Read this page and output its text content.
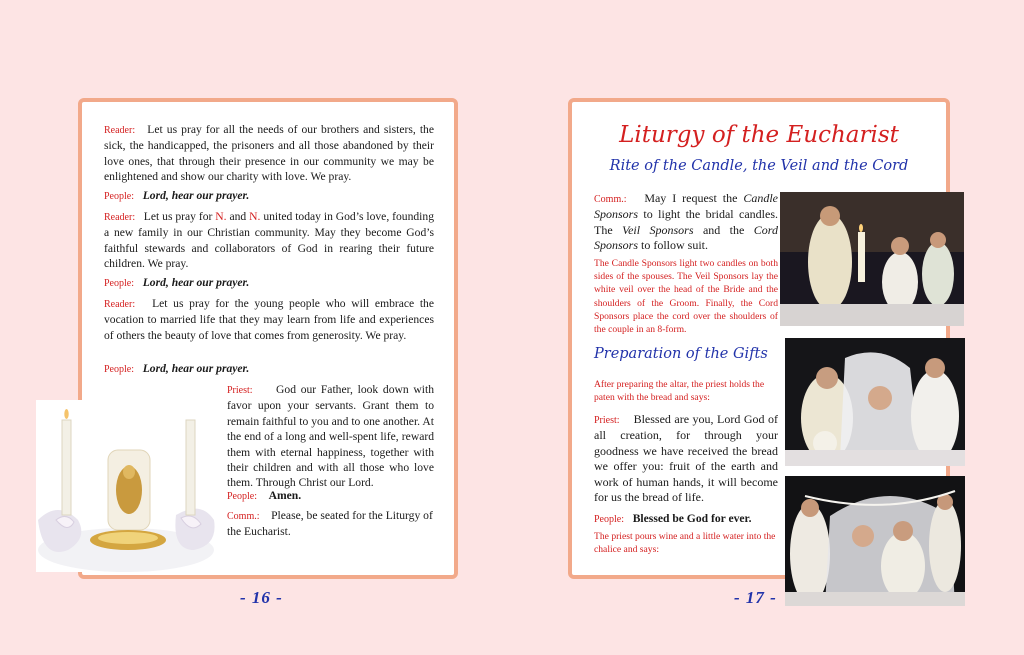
Reader: Let us pray for all the needs of our brothers and sisters, the sick, the handicapped, the prisoners and all those abandoned by their love ones, that through their presence in our community we may be enlightened and show our charity with love. We pray.

People: Lord, hear our prayer.

Reader: Let us pray for N. and N. united today in God’s love, founding a new family in our Christian community. May they become God’s faithful stewards and collaborators of God in rearing their future children. We pray.

People: Lord, hear our prayer.

Reader: Let us pray for the young people who will embrace the vocation to married life that they may learn from life and experiences of others the beauty of love that comes from generosity. We pray.

People: Lord, hear our prayer.

Priest: God our Father, look down with favor upon your servants. Grant them to remain faithful to you and to one another. At the end of a long and well-spent life, reward them with eternal happiness, together with their children and with all those who love them. Through Christ our Lord.

People: Amen.

Comm.: Please, be seated for the Liturgy of the Eucharist.

- 16 -
Liturgy of the Eucharist
Rite of the Candle, the Veil and the Cord

Comm.: May I request the Candle Sponsors to light the bridal candles. The Veil Sponsors and the Cord Sponsors to follow suit.

The Candle Sponsors light two candles on both sides of the spouses. The Veil Sponsors lay the white veil over the head of the Bride and the shoulders of the Groom. Finally, the Cord Sponsors place the cord over the shoulders of the couple in an 8-form.

Preparation of the Gifts

After preparing the altar, the priest holds the paten with the bread and says:

Priest: Blessed are you, Lord God of all creation, for through your goodness we have received the bread we offer you: fruit of the earth and work of human hands, it will become for us the bread of life.

People: Blessed be God for ever.

The priest pours wine and a little water into the chalice and says:

- 17 -
